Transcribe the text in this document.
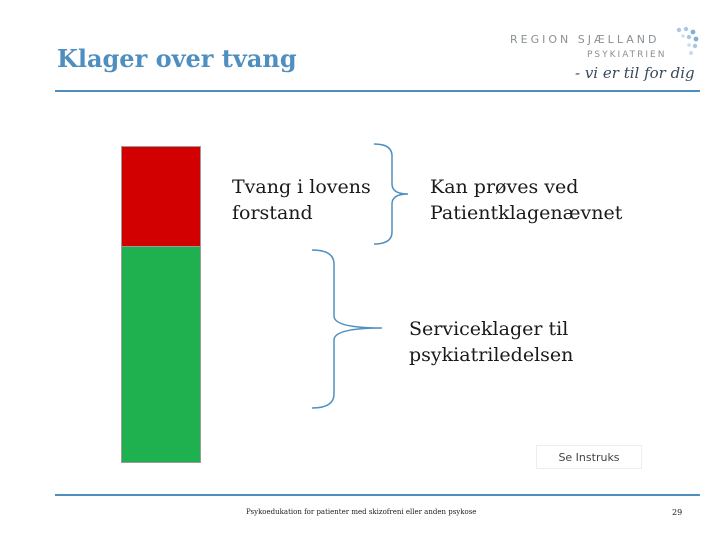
Klager over tvang
REGION SJÆLLAND
PSYKIATRIEN
- vi er til for dig
Tvang i lovens
forstand
Kan prøves ved
Patientklagenævnet
Serviceklager til
psykiatriledelsen
Se Instruks
Psykoedukation for patienter med skizofreni eller anden psykose	29
